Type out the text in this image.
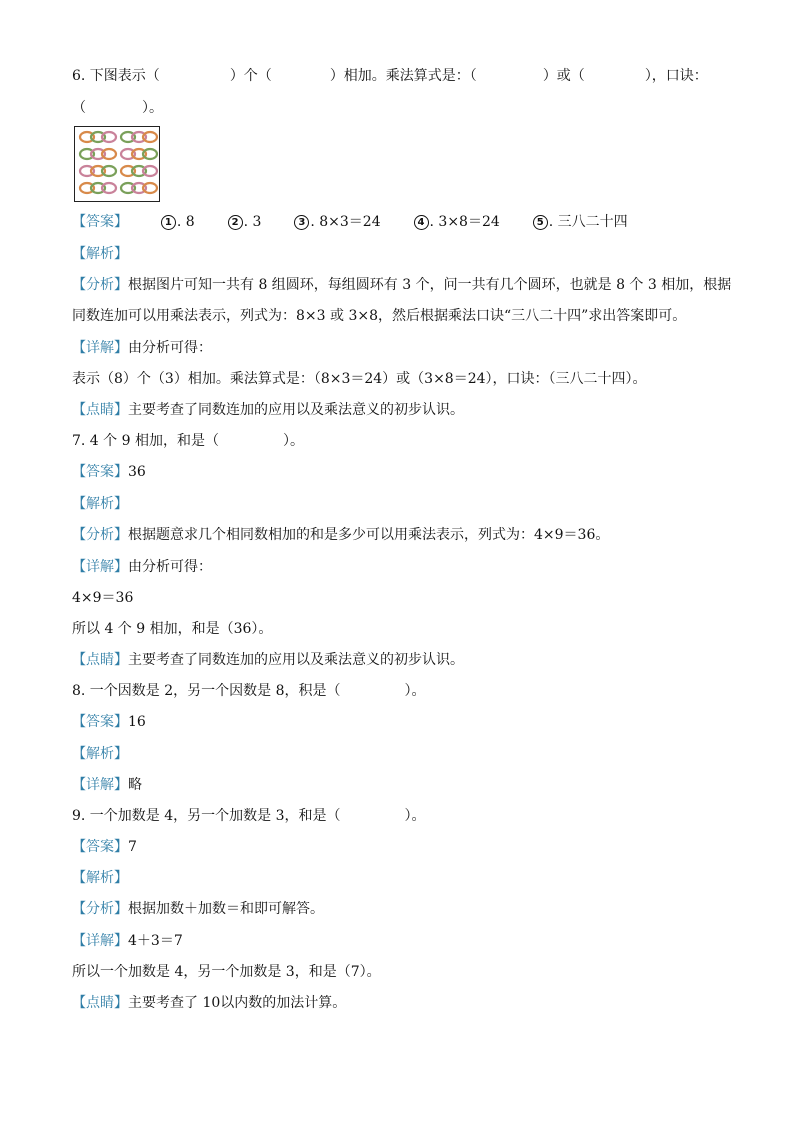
6. 下图表示（	）个（	）相加。乘法算式是：（	）或（	），口诀：
（	）。
【答案】	1 . 8	2 . 3	3 . 8×3＝24	4 . 3×8＝24	5 . 三八二十四
【解析】
【分析】根据图片可知一共有 8 组圆环，每组圆环有 3 个，问一共有几个圆环，也就是 8 个 3 相加，根据
同数连加可以用乘法表示，列式为：8×3 或 3×8，然后根据乘法口诀“三八二十四”求出答案即可。
【详解】由分析可得：
表示（8）个（3）相加。乘法算式是：（8×3＝24）或（3×8＝24），口诀：（三八二十四）。
【点睛】主要考查了同数连加的应用以及乘法意义的初步认识。
7. 4 个 9 相加，和是（	）。
【答案】36
【解析】
【分析】根据题意求几个相同数相加的和是多少可以用乘法表示，列式为：4×9＝36。
【详解】由分析可得：
4×9＝36
所以 4 个 9 相加，和是（36）。
【点睛】主要考查了同数连加的应用以及乘法意义的初步认识。
8. 一个因数是 2，另一个因数是 8，积是（	）。
【答案】16
【解析】
【详解】略
9. 一个加数是 4，另一个加数是 3，和是（	）。
【答案】7
【解析】
【分析】根据加数＋加数＝和即可解答。
【详解】4＋3＝7
所以一个加数是 4，另一个加数是 3，和是（7）。
【点睛】主要考查了 10以内数的加法计算。
